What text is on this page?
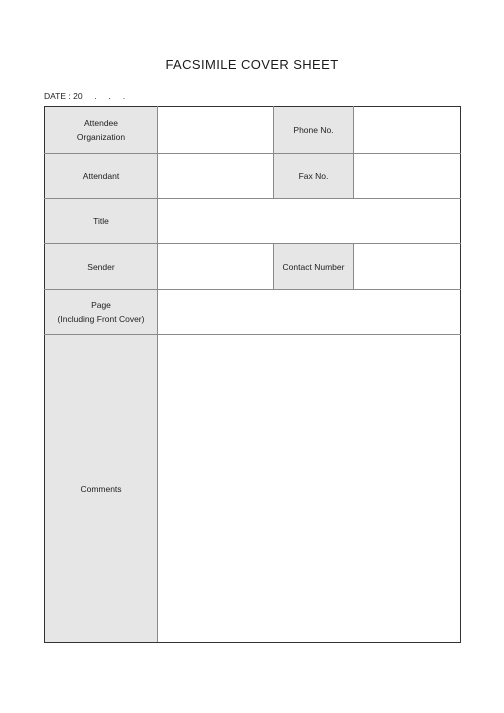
FACSIMILE COVER SHEET
DATE : 20     .     .     .
Attendee
Organization		Phone No.	
Attendant		Fax No.	
Title			
Sender		Contact Number	
Page
(Including Front Cover)			
Comments			
